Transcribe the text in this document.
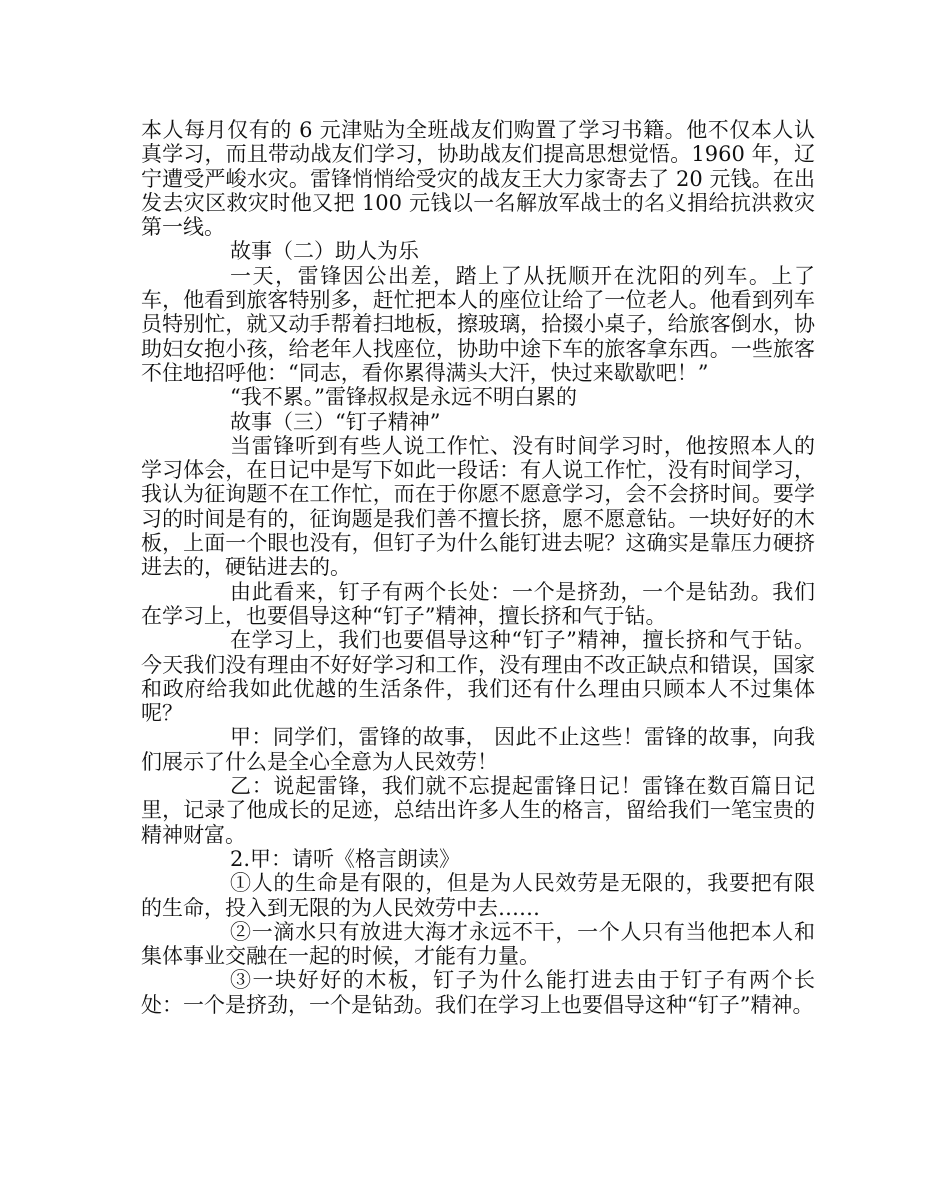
本人每月仅有的 6 元津贴为全班战友们购置了学习书籍。他不仅本人认真学习，而且带动战友们学习，协助战友们提高思想觉悟。1960 年，辽宁遭受严峻水灾。雷锋悄悄给受灾的战友王大力家寄去了 20 元钱。在出发去灾区救灾时他又把 100 元钱以一名解放军战士的名义捐给抗洪救灾第一线。

故事（二）助人为乐

一天，雷锋因公出差，踏上了从抚顺开在沈阳的列车。上了车，他看到旅客特别多，赶忙把本人的座位让给了一位老人。他看到列车员特别忙，就又动手帮着扫地板，擦玻璃，拾掇小桌子，给旅客倒水，协助妇女抱小孩，给老年人找座位，协助中途下车的旅客拿东西。一些旅客不住地招呼他：“同志，看你累得满头大汗，快过来歇歇吧！”

“我不累。”雷锋叔叔是永远不明白累的

故事（三）“钉子精神”

当雷锋听到有些人说工作忙、没有时间学习时，他按照本人的学习体会，在日记中是写下如此一段话：有人说工作忙，没有时间学习，我认为征询题不在工作忙，而在于你愿不愿意学习，会不会挤时间。要学习的时间是有的，征询题是我们善不擅长挤，愿不愿意钻。一块好好的木板，上面一个眼也没有，但钉子为什么能钉进去呢？这确实是靠压力硬挤进去的，硬钻进去的。

由此看来，钉子有两个长处：一个是挤劲，一个是钻劲。我们在学习上，也要倡导这种“钉子”精神，擅长挤和气于钻。

在学习上，我们也要倡导这种“钉子”精神，擅长挤和气于钻。今天我们没有理由不好好学习和工作，没有理由不改正缺点和错误，国家和政府给我如此优越的生活条件，我们还有什么理由只顾本人不过集体呢？

甲：同学们，雷锋的故事， 因此不止这些！雷锋的故事，向我们展示了什么是全心全意为人民效劳！

乙：说起雷锋，我们就不忘提起雷锋日记！雷锋在数百篇日记里，记录了他成长的足迹，总结出许多人生的格言，留给我们一笔宝贵的精神财富。

2.甲：请听《格言朗读》

①人的生命是有限的，但是为人民效劳是无限的，我要把有限的生命，投入到无限的为人民效劳中去……

②一滴水只有放进大海才永远不干，一个人只有当他把本人和集体事业交融在一起的时候，才能有力量。

③一块好好的木板，钉子为什么能打进去由于钉子有两个长处：一个是挤劲，一个是钻劲。我们在学习上也要倡导这种“钉子”精神。
